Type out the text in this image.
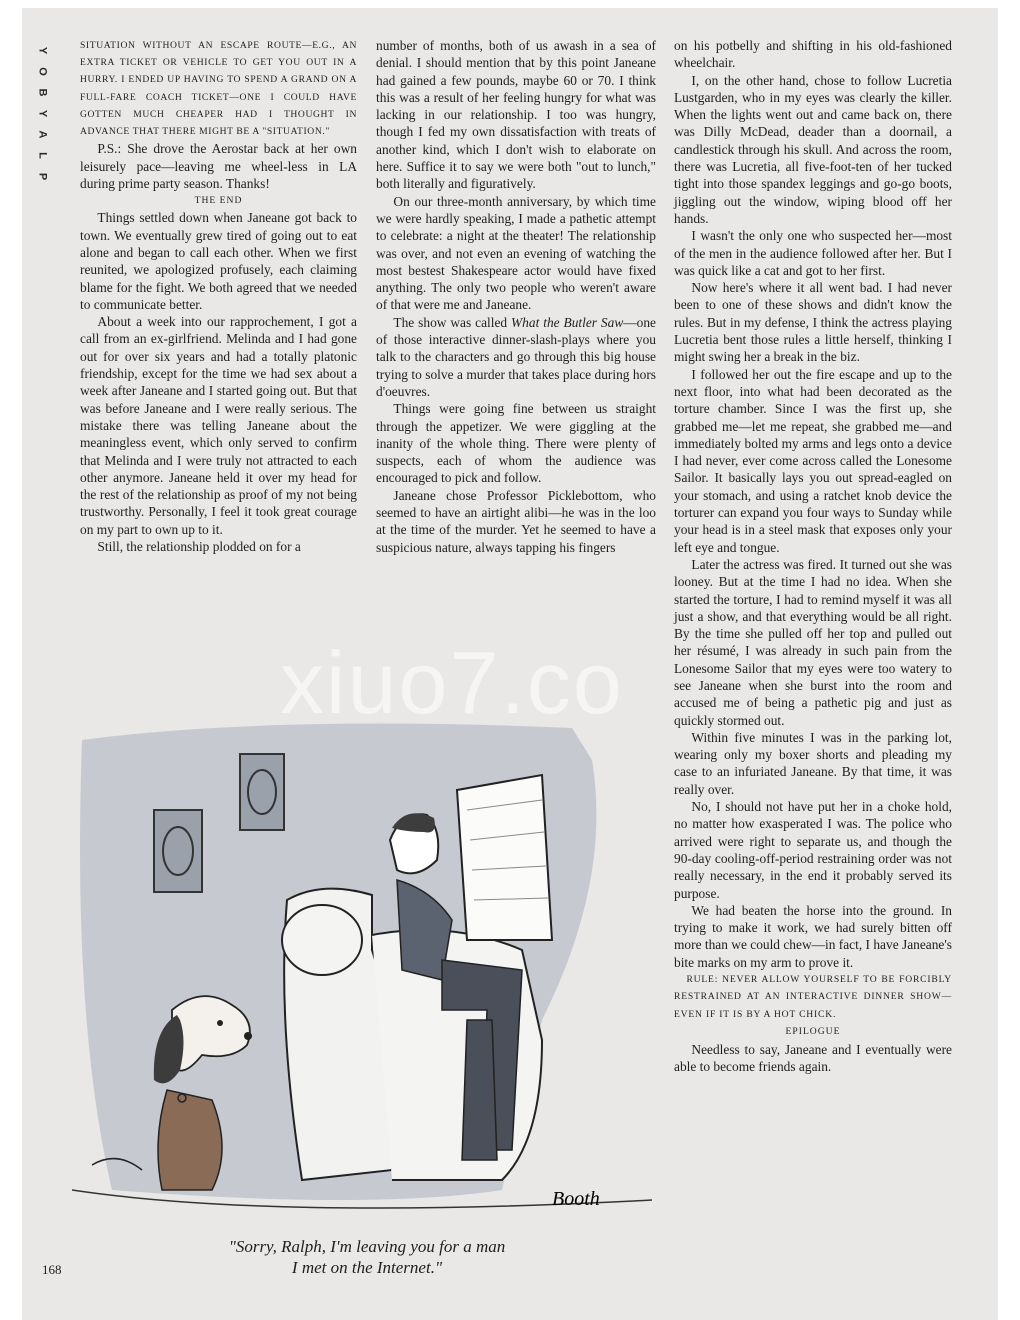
Y
O
B
Y
A
L
P

SITUATION WITHOUT AN ESCAPE ROUTE—E.G., AN EXTRA TICKET OR VEHICLE TO GET YOU OUT IN A HURRY. I ENDED UP HAVING TO SPEND A GRAND ON A FULL-FARE COACH TICKET—ONE I COULD HAVE GOTTEN MUCH CHEAPER HAD I THOUGHT IN ADVANCE THAT THERE MIGHT BE A "SITUATION."

P.S.: She drove the Aerostar back at her own leisurely pace—leaving me wheel-less in LA during prime party season. Thanks!

THE END

Things settled down when Janeane got back to town. We eventually grew tired of going out to eat alone and began to call each other. When we first reunited, we apologized profusely, each claiming blame for the fight. We both agreed that we needed to communicate better.

About a week into our rapprochement, I got a call from an ex-girlfriend. Melinda and I had gone out for over six years and had a totally platonic friendship, except for the time we had sex about a week after Janeane and I started going out. But that was before Janeane and I were really serious. The mistake there was telling Janeane about the meaningless event, which only served to confirm that Melinda and I were truly not attracted to each other anymore. Janeane held it over my head for the rest of the relationship as proof of my not being trustworthy. Personally, I feel it took great courage on my part to own up to it.

Still, the relationship plodded on for a

number of months, both of us awash in a sea of denial. I should mention that by this point Janeane had gained a few pounds, maybe 60 or 70. I think this was a result of her feeling hungry for what was lacking in our relationship. I too was hungry, though I fed my own dissatisfaction with treats of another kind, which I don't wish to elaborate on here. Suffice it to say we were both "out to lunch," both literally and figuratively.

On our three-month anniversary, by which time we were hardly speaking, I made a pathetic attempt to celebrate: a night at the theater! The relationship was over, and not even an evening of watching the most bestest Shakespeare actor would have fixed anything. The only two people who weren't aware of that were me and Janeane.

The show was called What the Butler Saw—one of those interactive dinner-slash-plays where you talk to the characters and go through this big house trying to solve a murder that takes place during hors d'oeuvres.

Things were going fine between us straight through the appetizer. We were giggling at the inanity of the whole thing. There were plenty of suspects, each of whom the audience was encouraged to pick and follow.

Janeane chose Professor Picklebottom, who seemed to have an airtight alibi—he was in the loo at the time of the murder. Yet he seemed to have a suspicious nature, always tapping his fingers

on his potbelly and shifting in his old-fashioned wheelchair.

I, on the other hand, chose to follow Lucretia Lustgarden, who in my eyes was clearly the killer. When the lights went out and came back on, there was Dilly McDead, deader than a doornail, a candlestick through his skull. And across the room, there was Lucretia, all five-foot-ten of her tucked tight into those spandex leggings and go-go boots, jiggling out the window, wiping blood off her hands.

I wasn't the only one who suspected her—most of the men in the audience followed after her. But I was quick like a cat and got to her first.

Now here's where it all went bad. I had never been to one of these shows and didn't know the rules. But in my defense, I think the actress playing Lucretia bent those rules a little herself, thinking I might swing her a break in the biz.

I followed her out the fire escape and up to the next floor, into what had been decorated as the torture chamber. Since I was the first up, she grabbed me—let me repeat, she grabbed me—and immediately bolted my arms and legs onto a device I had never, ever come across called the Lonesome Sailor. It basically lays you out spread-eagled on your stomach, and using a ratchet knob device the torturer can expand you four ways to Sunday while your head is in a steel mask that exposes only your left eye and tongue.

Later the actress was fired. It turned out she was looney. But at the time I had no idea. When she started the torture, I had to remind myself it was all just a show, and that everything would be all right. By the time she pulled off her top and pulled out her résumé, I was already in such pain from the Lonesome Sailor that my eyes were too watery to see Janeane when she burst into the room and accused me of being a pathetic pig and just as quickly stormed out.

Within five minutes I was in the parking lot, wearing only my boxer shorts and pleading my case to an infuriated Janeane. By that time, it was really over.

No, I should not have put her in a choke hold, no matter how exasperated I was. The police who arrived were right to separate us, and though the 90-day cooling-off-period restraining order was not really necessary, in the end it probably served its purpose.

We had beaten the horse into the ground. In trying to make it work, we had surely bitten off more than we could chew—in fact, I have Janeane's bite marks on my arm to prove it.

RULE: NEVER ALLOW YOURSELF TO BE FORCIBLY RESTRAINED AT AN INTERACTIVE DINNER SHOW—EVEN IF IT IS BY A HOT CHICK.

EPILOGUE

Needless to say, Janeane and I eventually were able to become friends again.

Booth
"Sorry, Ralph, I'm leaving you for a man
I met on the Internet."
168
xiuo7.co
